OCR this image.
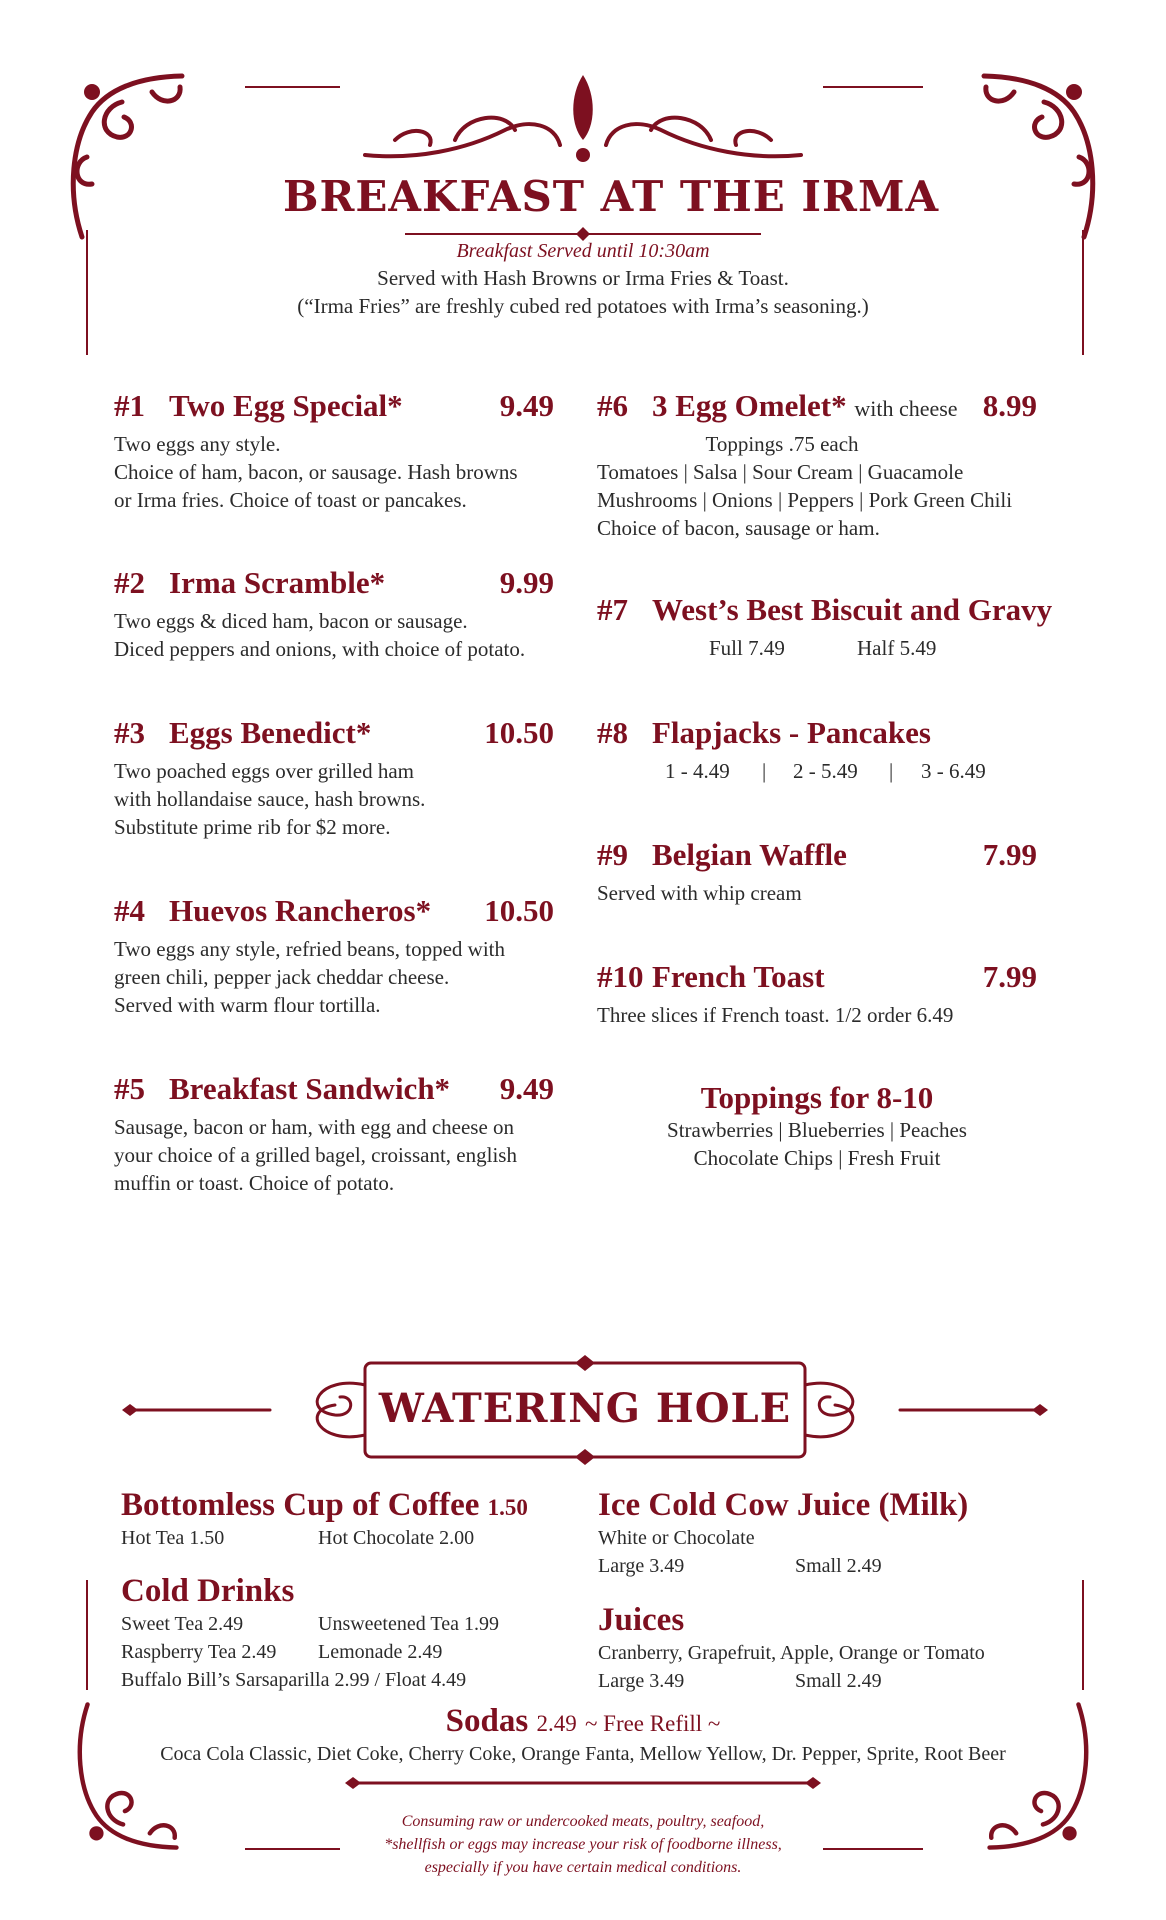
BREAKFAST AT THE IRMA
Breakfast Served until 10:30am
Served with Hash Browns or Irma Fries & Toast.
(“Irma Fries” are freshly cubed red potatoes with Irma’s seasoning.)
#1 Two Egg Special*	9.49
Two eggs any style.
Choice of ham, bacon, or sausage. Hash browns
or Irma fries. Choice of toast or pancakes.
#2 Irma Scramble*	9.99
Two eggs & diced ham, bacon or sausage.
Diced peppers and onions, with choice of potato.
#3 Eggs Benedict*	10.50
Two poached eggs over grilled ham
with hollandaise sauce, hash browns.
Substitute prime rib for $2 more.
#4 Huevos Rancheros* 10.50
Two eggs any style, refried beans, topped with
green chili, pepper jack cheddar cheese.
Served with warm flour tortilla.
#5 Breakfast Sandwich* 9.49
Sausage, bacon or ham, with egg and cheese on
your choice of a grilled bagel, croissant, english
muffin or toast. Choice of potato.
#6 3 Egg Omelet* with cheese 8.99
Toppings .75 each
Tomatoes | Salsa | Sour Cream | Guacamole
Mushrooms | Onions | Peppers | Pork Green Chili
Choice of bacon, sausage or ham.
#7 West’s Best Biscuit and Gravy
Full 7.49	Half 5.49
#8 Flapjacks - Pancakes
1 - 4.49 | 2 - 5.49 | 3 - 6.49
#9 Belgian Waffle	7.99
Served with whip cream
#10 French Toast	7.99
Three slices if French toast. 1/2 order 6.49
Toppings for 8-10
Strawberries | Blueberries | Peaches
Chocolate Chips | Fresh Fruit
WATERING HOLE
Bottomless Cup of Coffee 1.50
Hot Tea 1.50	Hot Chocolate 2.00
Cold Drinks
Sweet Tea 2.49	Unsweetened Tea 1.99
Raspberry Tea 2.49 Lemonade 2.49
Buffalo Bill’s Sarsaparilla 2.99 / Float 4.49
Ice Cold Cow Juice (Milk)
White or Chocolate
Large 3.49	Small 2.49
Juices
Cranberry, Grapefruit, Apple, Orange or Tomato
Large 3.49	Small 2.49
Sodas 2.49 ~ Free Refill ~
Coca Cola Classic, Diet Coke, Cherry Coke, Orange Fanta, Mellow Yellow, Dr. Pepper, Sprite, Root Beer
Consuming raw or undercooked meats, poultry, seafood,
*shellfish or eggs may increase your risk of foodborne illness,
especially if you have certain medical conditions.
